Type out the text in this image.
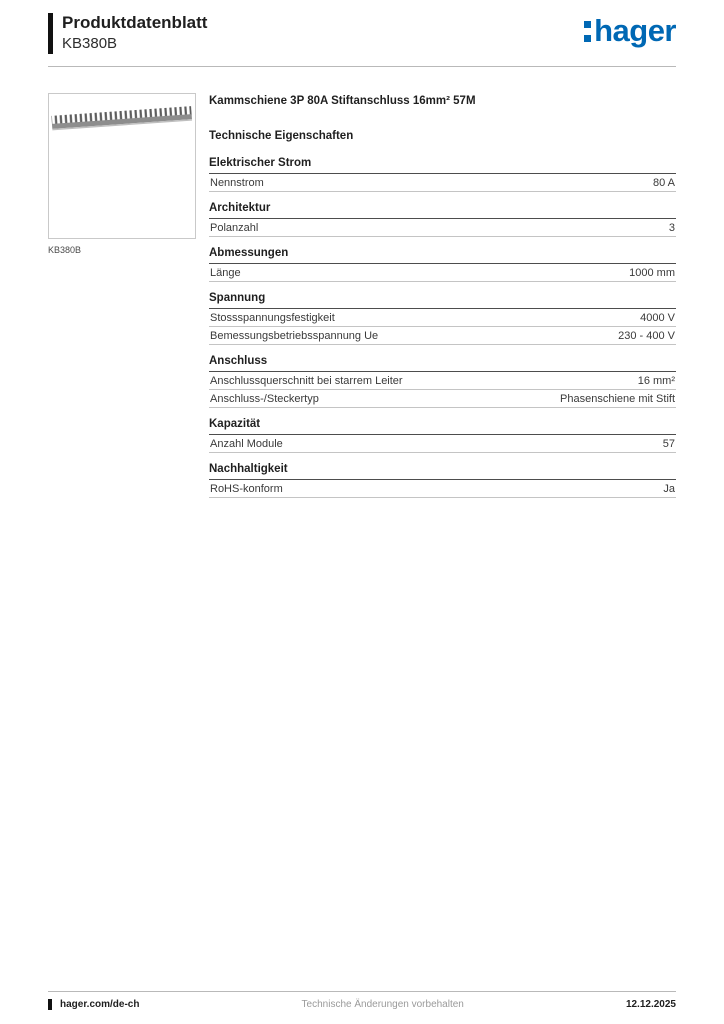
Produktdatenblatt
KB380B	hager
KB380B
Kammschiene 3P 80A Stiftanschluss 16mm² 57M
Technische Eigenschaften
Elektrischer Strom
Nennstrom	80 A
Architektur
Polanzahl	3
Abmessungen
Länge	1000 mm
Spannung
Stossspannungsfestigkeit	4000 V
Bemessungsbetriebsspannung Ue	230 - 400 V
Anschluss
Anschlussquerschnitt bei starrem Leiter	16 mm²
Anschluss-/Steckertyp	Phasenschiene mit Stift
Kapazität
Anzahl Module	57
Nachhaltigkeit
RoHS-konform	Ja
hager.com/de-ch	Technische Änderungen vorbehalten	12.12.2025
